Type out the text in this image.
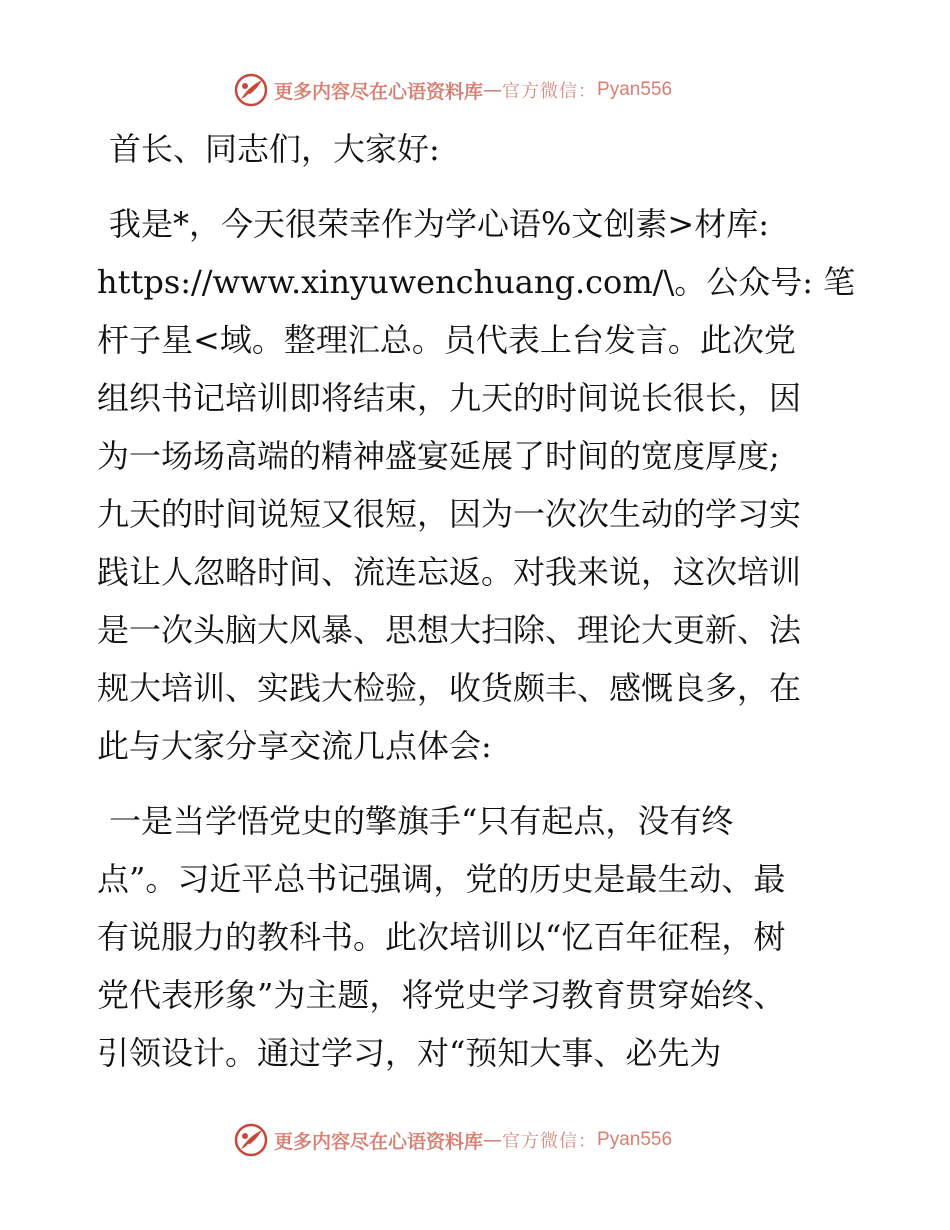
更多内容尽在心语资料库 — 官方微信： Pyan556
首长、同志们，大家好:
我是*，今天很荣幸作为学心语%文创素>材库:
https://www.xinyuwenchuang.com/\。公众号: 笔
杆子星<域。整理汇总。员代表上台发言。此次党
组织书记培训即将结束，九天的时间说长很长，因
为一场场高端的精神盛宴延展了时间的宽度厚度;
九天的时间说短又很短，因为一次次生动的学习实
践让人忽略时间、流连忘返。对我来说，这次培训
是一次头脑大风暴、思想大扫除、理论大更新、法
规大培训、实践大检验，收货颇丰、感慨良多，在
此与大家分享交流几点体会:
一是当学悟党史的擎旗手“只有起点，没有终
点”。习近平总书记强调，党的历史是最生动、最
有说服力的教科书。此次培训以“忆百年征程，树
党代表形象”为主题，将党史学习教育贯穿始终、
引领设计。通过学习，对“预知大事、必先为
更多内容尽在心语资料库 — 官方微信： Pyan556
